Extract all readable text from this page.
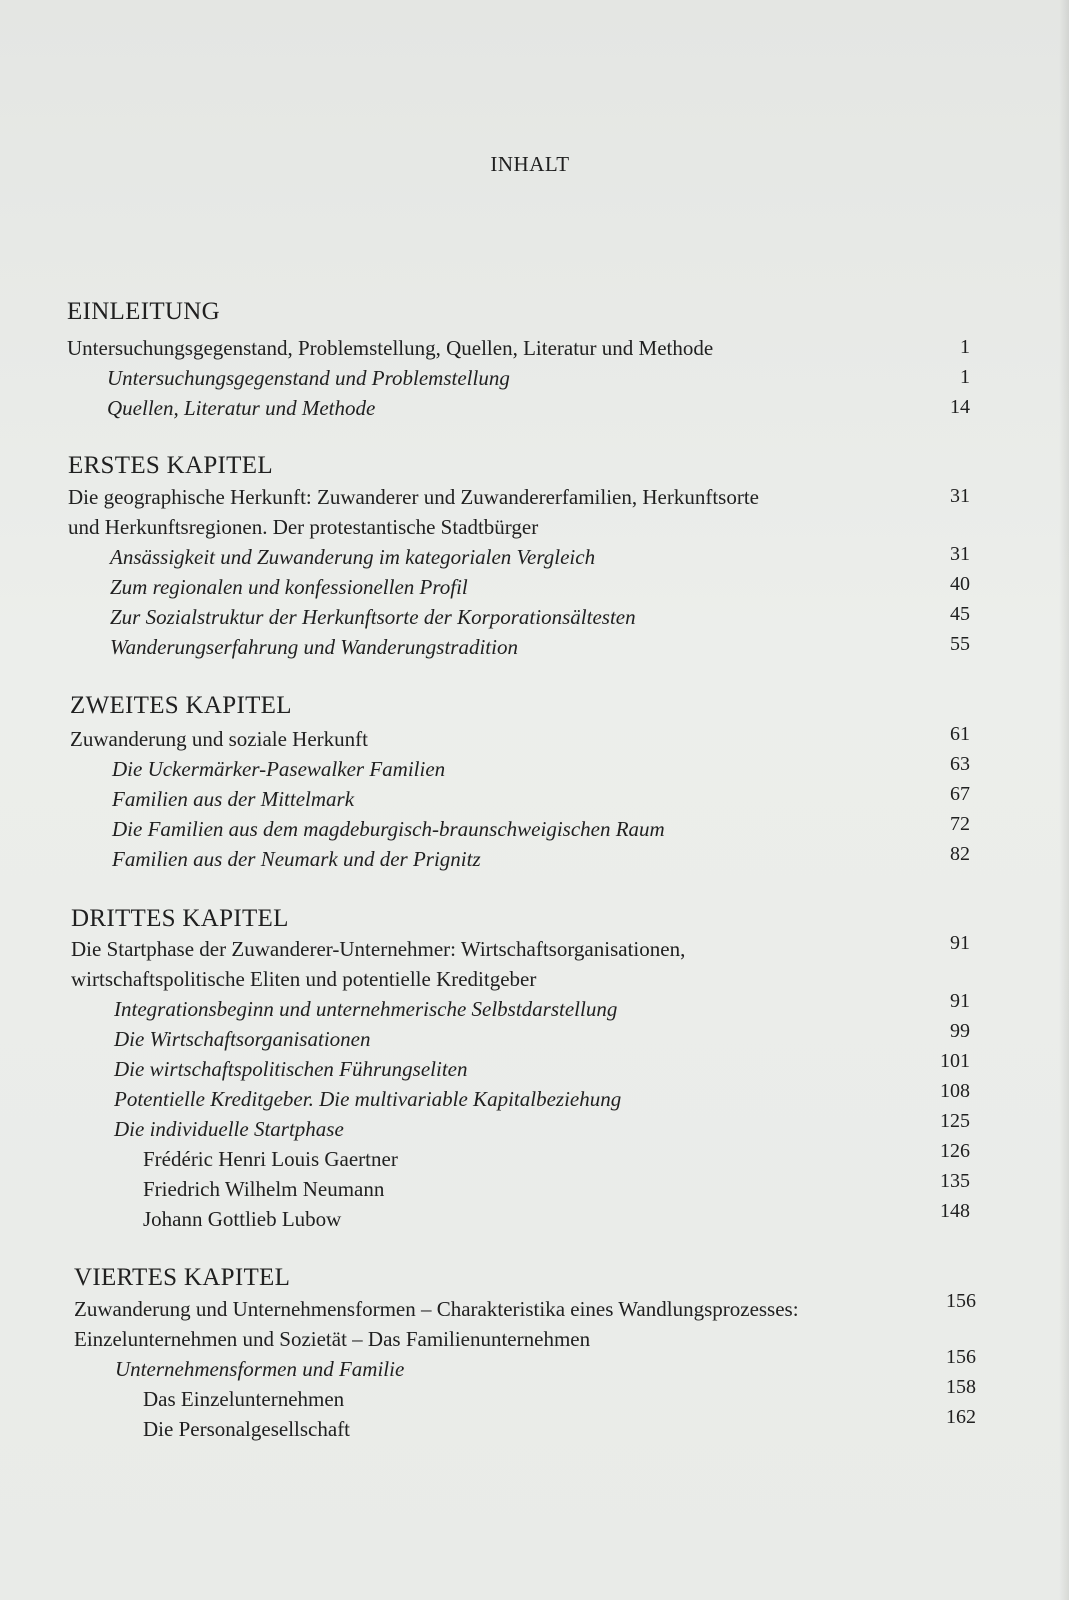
INHALT
EINLEITUNG
Untersuchungsgegenstand, Problemstellung, Quellen, Literatur und Methode	1
Untersuchungsgegenstand und Problemstellung	1
Quellen, Literatur und Methode	14
ERSTES KAPITEL
Die geographische Herkunft: Zuwanderer und Zuwandererfamilien, Herkunftsorte	31
und Herkunftsregionen. Der protestantische Stadtbürger
Ansässigkeit und Zuwanderung im kategorialen Vergleich	31
Zum regionalen und konfessionellen Profil	40
Zur Sozialstruktur der Herkunftsorte der Korporationsältesten	45
Wanderungserfahrung und Wanderungstradition	55
ZWEITES KAPITEL
Zuwanderung und soziale Herkunft	61
Die Uckermärker-Pasewalker Familien	63
Familien aus der Mittelmark	67
Die Familien aus dem magdeburgisch-braunschweigischen Raum	72
Familien aus der Neumark und der Prignitz	82
DRITTES KAPITEL
Die Startphase der Zuwanderer-Unternehmer: Wirtschaftsorganisationen,	91
wirtschaftspolitische Eliten und potentielle Kreditgeber
Integrationsbeginn und unternehmerische Selbstdarstellung	91
Die Wirtschaftsorganisationen	99
Die wirtschaftspolitischen Führungseliten	101
Potentielle Kreditgeber. Die multivariable Kapitalbeziehung	108
Die individuelle Startphase	125
Frédéric Henri Louis Gaertner	126
Friedrich Wilhelm Neumann	135
Johann Gottlieb Lubow	148
VIERTES KAPITEL
Zuwanderung und Unternehmensformen – Charakteristika eines Wandlungsprozesses:	156
Einzelunternehmen und Sozietät – Das Familienunternehmen
Unternehmensformen und Familie	156
Das Einzelunternehmen	158
Die Personalgesellschaft	162
